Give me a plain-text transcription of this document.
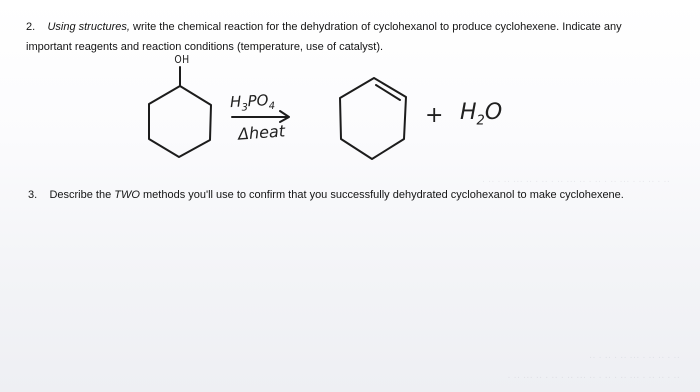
·· · ·· ·· · ··· ·· · ·· · ·· ··· ·· · ·· · ·· ··· ·· · ·· ·
·· · ·· ·· · ··· ·· · ·· · ··
·· · ·· ·· · ··· ·· · ·· · ·· ··· ·· · ·· · ·· ··· ·· ·
2. Using structures, write the chemical reaction for the dehydration of cyclohexanol to produce cyclohexene. Indicate any
important reagents and reaction conditions (temperature, use of catalyst).
OH
$H_3PO_4$
Δheat
+ $H_2O$
3. Describe the TWO methods you'll use to confirm that you successfully dehydrated cyclohexanol to make cyclohexene.
